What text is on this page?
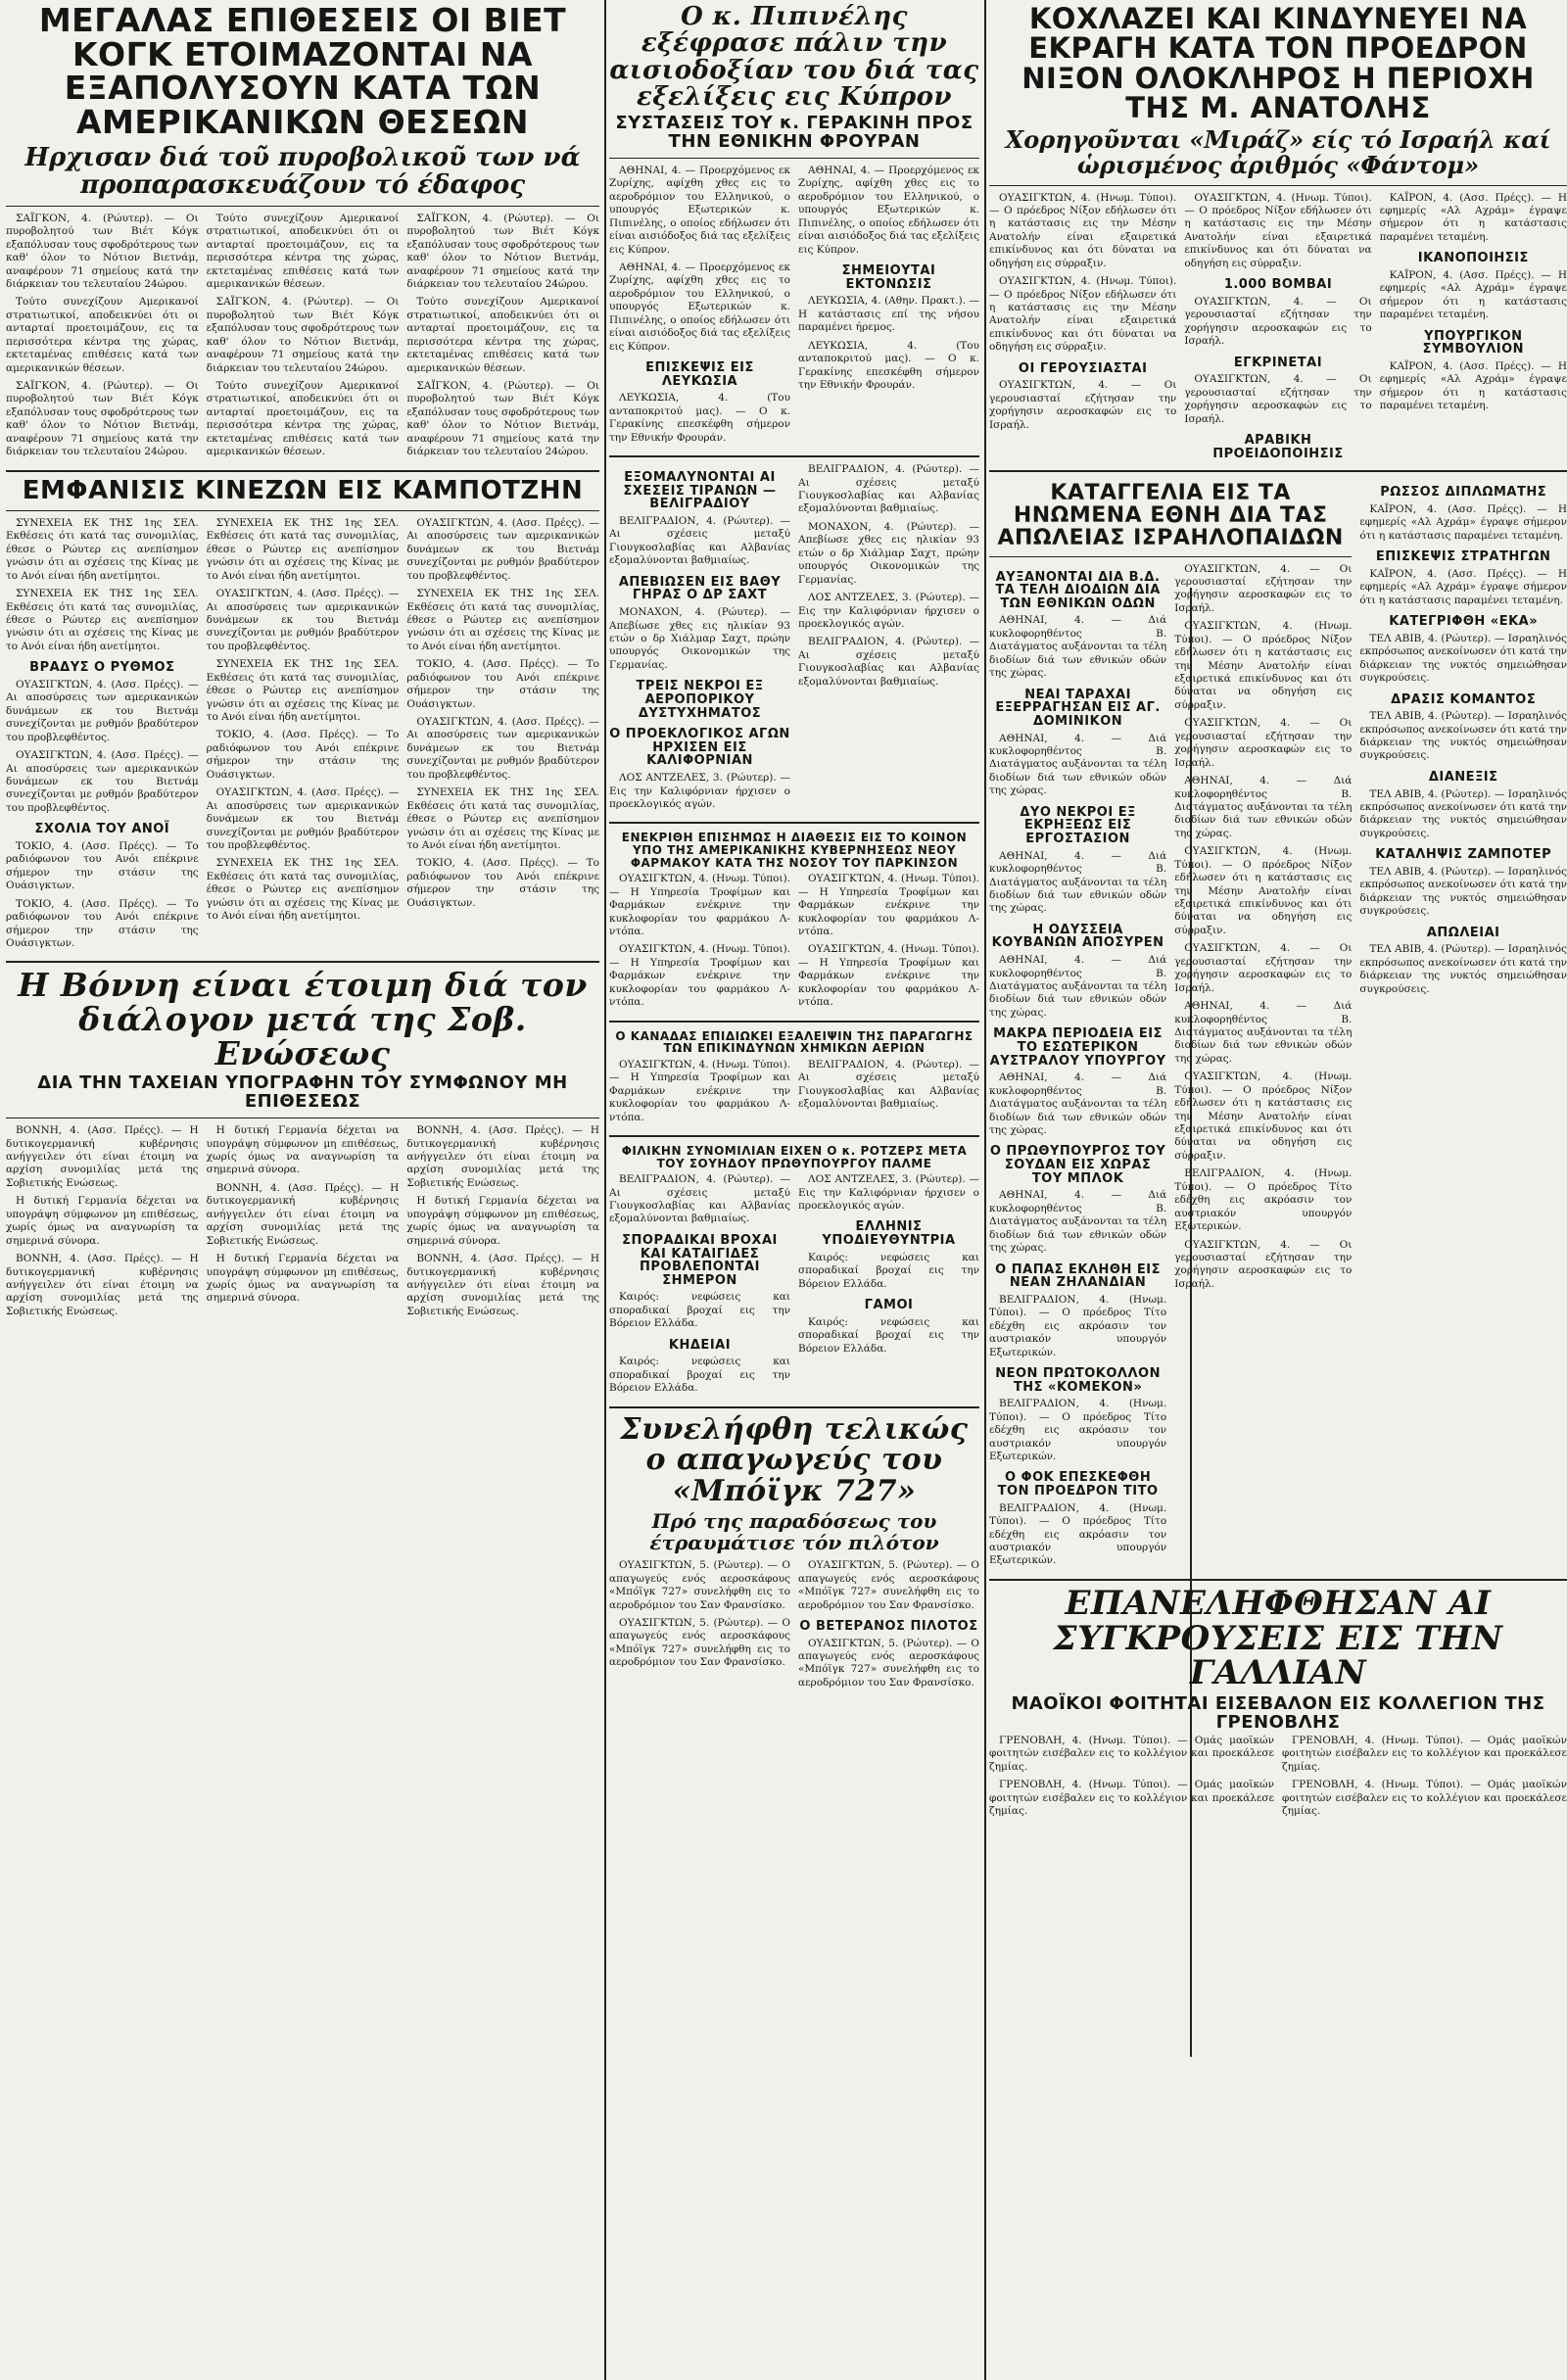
ΜΕΓΑΛΑΣ ΕΠΙΘΕΣΕΙΣ ΟΙ ΒΙΕΤ ΚΟΓΚ ΕΤΟΙΜΑΖΟΝΤΑΙ ΝΑ ΕΞΑΠΟΛΥΣΟΥΝ ΚΑΤΑ ΤΩΝ ΑΜΕΡΙΚΑΝΙΚΩΝ ΘΕΣΕΩΝ
Ηρχισαν διά τοῦ πυροβολικοῦ των νά προπαρασκευάζουν τό έδαφος

ΣΑΪΓΚΟΝ, 4. (Ρώυτερ). — Οι πυροβολητού των Βιέτ Κόγκ εξαπόλυσαν τους σφοδρότερους των καθ' όλον το Νότιον Βιετνάμ, αναφέρουν 71 σημείους κατά την διάρκειαν του τελευταίου 24ώρου.

Τούτο συνεχίζουν Αμερικανοί στρατιωτικοί, αποδεικνύει ότι οι ανταρταί προετοιμάζουν, εις τα περισσότερα κέντρα της χώρας, εκτεταμένας επιθέσεις κατά των αμερικανικών θέσεων.

ΣΑΪΓΚΟΝ, 4. (Ρώυτερ). — Οι πυροβολητού των Βιέτ Κόγκ εξαπόλυσαν τους σφοδρότερους των καθ' όλον το Νότιον Βιετνάμ, αναφέρουν 71 σημείους κατά την διάρκειαν του τελευταίου 24ώρου.

Τούτο συνεχίζουν Αμερικανοί στρατιωτικοί, αποδεικνύει ότι οι ανταρταί προετοιμάζουν, εις τα περισσότερα κέντρα της χώρας, εκτεταμένας επιθέσεις κατά των αμερικανικών θέσεων.

ΣΑΪΓΚΟΝ, 4. (Ρώυτερ). — Οι πυροβολητού των Βιέτ Κόγκ εξαπόλυσαν τους σφοδρότερους των καθ' όλον το Νότιον Βιετνάμ, αναφέρουν 71 σημείους κατά την διάρκειαν του τελευταίου 24ώρου.

Τούτο συνεχίζουν Αμερικανοί στρατιωτικοί, αποδεικνύει ότι οι ανταρταί προετοιμάζουν, εις τα περισσότερα κέντρα της χώρας, εκτεταμένας επιθέσεις κατά των αμερικανικών θέσεων.

ΣΑΪΓΚΟΝ, 4. (Ρώυτερ). — Οι πυροβολητού των Βιέτ Κόγκ εξαπόλυσαν τους σφοδρότερους των καθ' όλον το Νότιον Βιετνάμ, αναφέρουν 71 σημείους κατά την διάρκειαν του τελευταίου 24ώρου.

Τούτο συνεχίζουν Αμερικανοί στρατιωτικοί, αποδεικνύει ότι οι ανταρταί προετοιμάζουν, εις τα περισσότερα κέντρα της χώρας, εκτεταμένας επιθέσεις κατά των αμερικανικών θέσεων.

ΣΑΪΓΚΟΝ, 4. (Ρώυτερ). — Οι πυροβολητού των Βιέτ Κόγκ εξαπόλυσαν τους σφοδρότερους των καθ' όλον το Νότιον Βιετνάμ, αναφέρουν 71 σημείους κατά την διάρκειαν του τελευταίου 24ώρου.

ΕΜΦΑΝΙΣΙΣ ΚΙΝΕΖΩΝ ΕΙΣ ΚΑΜΠΟΤΖΗΝ

ΣΥΝΕΧΕΙΑ ΕΚ ΤΗΣ 1ης ΣΕΛ. Εκθέσεις ότι κατά τας συνομιλίας, έθεσε ο Ρώυτερ εις ανεπίσημον γνώσιν ότι αι σχέσεις της Κίνας με το Ανόι είναι ήδη ανετίμητοι.

ΣΥΝΕΧΕΙΑ ΕΚ ΤΗΣ 1ης ΣΕΛ. Εκθέσεις ότι κατά τας συνομιλίας, έθεσε ο Ρώυτερ εις ανεπίσημον γνώσιν ότι αι σχέσεις της Κίνας με το Ανόι είναι ήδη ανετίμητοι.

ΒΡΑΔΥΣ Ο ΡΥΘΜΟΣ

ΟΥΑΣΙΓΚΤΩΝ, 4. (Ασσ. Πρέςς). — Αι αποσύρσεις των αμερικανικών δυνάμεων εκ του Βιετνάμ συνεχίζονται με ρυθμόν βραδύτερον του προβλεφθέντος.

ΟΥΑΣΙΓΚΤΩΝ, 4. (Ασσ. Πρέςς). — Αι αποσύρσεις των αμερικανικών δυνάμεων εκ του Βιετνάμ συνεχίζονται με ρυθμόν βραδύτερον του προβλεφθέντος.

ΣΧΟΛΙΑ ΤΟΥ ΑΝΟΪ

ΤΟΚΙΟ, 4. (Ασσ. Πρέςς). — Το ραδιόφωνον του Ανόι επέκρινε σήμερον την στάσιν της Ουάσιγκτων.

ΤΟΚΙΟ, 4. (Ασσ. Πρέςς). — Το ραδιόφωνον του Ανόι επέκρινε σήμερον την στάσιν της Ουάσιγκτων.

ΣΥΝΕΧΕΙΑ ΕΚ ΤΗΣ 1ης ΣΕΛ. Εκθέσεις ότι κατά τας συνομιλίας, έθεσε ο Ρώυτερ εις ανεπίσημον γνώσιν ότι αι σχέσεις της Κίνας με το Ανόι είναι ήδη ανετίμητοι.

ΟΥΑΣΙΓΚΤΩΝ, 4. (Ασσ. Πρέςς). — Αι αποσύρσεις των αμερικανικών δυνάμεων εκ του Βιετνάμ συνεχίζονται με ρυθμόν βραδύτερον του προβλεφθέντος.

ΣΥΝΕΧΕΙΑ ΕΚ ΤΗΣ 1ης ΣΕΛ. Εκθέσεις ότι κατά τας συνομιλίας, έθεσε ο Ρώυτερ εις ανεπίσημον γνώσιν ότι αι σχέσεις της Κίνας με το Ανόι είναι ήδη ανετίμητοι.

ΤΟΚΙΟ, 4. (Ασσ. Πρέςς). — Το ραδιόφωνον του Ανόι επέκρινε σήμερον την στάσιν της Ουάσιγκτων.

ΟΥΑΣΙΓΚΤΩΝ, 4. (Ασσ. Πρέςς). — Αι αποσύρσεις των αμερικανικών δυνάμεων εκ του Βιετνάμ συνεχίζονται με ρυθμόν βραδύτερον του προβλεφθέντος.

ΣΥΝΕΧΕΙΑ ΕΚ ΤΗΣ 1ης ΣΕΛ. Εκθέσεις ότι κατά τας συνομιλίας, έθεσε ο Ρώυτερ εις ανεπίσημον γνώσιν ότι αι σχέσεις της Κίνας με το Ανόι είναι ήδη ανετίμητοι.

ΟΥΑΣΙΓΚΤΩΝ, 4. (Ασσ. Πρέςς). — Αι αποσύρσεις των αμερικανικών δυνάμεων εκ του Βιετνάμ συνεχίζονται με ρυθμόν βραδύτερον του προβλεφθέντος.

ΣΥΝΕΧΕΙΑ ΕΚ ΤΗΣ 1ης ΣΕΛ. Εκθέσεις ότι κατά τας συνομιλίας, έθεσε ο Ρώυτερ εις ανεπίσημον γνώσιν ότι αι σχέσεις της Κίνας με το Ανόι είναι ήδη ανετίμητοι.

ΤΟΚΙΟ, 4. (Ασσ. Πρέςς). — Το ραδιόφωνον του Ανόι επέκρινε σήμερον την στάσιν της Ουάσιγκτων.

ΟΥΑΣΙΓΚΤΩΝ, 4. (Ασσ. Πρέςς). — Αι αποσύρσεις των αμερικανικών δυνάμεων εκ του Βιετνάμ συνεχίζονται με ρυθμόν βραδύτερον του προβλεφθέντος.

ΣΥΝΕΧΕΙΑ ΕΚ ΤΗΣ 1ης ΣΕΛ. Εκθέσεις ότι κατά τας συνομιλίας, έθεσε ο Ρώυτερ εις ανεπίσημον γνώσιν ότι αι σχέσεις της Κίνας με το Ανόι είναι ήδη ανετίμητοι.

ΤΟΚΙΟ, 4. (Ασσ. Πρέςς). — Το ραδιόφωνον του Ανόι επέκρινε σήμερον την στάσιν της Ουάσιγκτων.

Η Βόννη είναι έτοιμη διά τον διάλογον μετά της Σοβ. Ενώσεως
ΔΙΑ ΤΗΝ ΤΑΧΕΙΑΝ ΥΠΟΓΡΑΦΗΝ ΤΟΥ ΣΥΜΦΩΝΟΥ ΜΗ ΕΠΙΘΕΣΕΩΣ

ΒΟΝΝΗ, 4. (Ασσ. Πρέςς). — Η δυτικογερμανική κυβέρνησις ανήγγειλεν ότι είναι έτοιμη να αρχίση συνομιλίας μετά της Σοβιετικής Ενώσεως.

Η δυτική Γερμανία δέχεται να υπογράψη σύμφωνον μη επιθέσεως, χωρίς όμως να αναγνωρίση τα σημερινά σύνορα.

ΒΟΝΝΗ, 4. (Ασσ. Πρέςς). — Η δυτικογερμανική κυβέρνησις ανήγγειλεν ότι είναι έτοιμη να αρχίση συνομιλίας μετά της Σοβιετικής Ενώσεως.

Η δυτική Γερμανία δέχεται να υπογράψη σύμφωνον μη επιθέσεως, χωρίς όμως να αναγνωρίση τα σημερινά σύνορα.

ΒΟΝΝΗ, 4. (Ασσ. Πρέςς). — Η δυτικογερμανική κυβέρνησις ανήγγειλεν ότι είναι έτοιμη να αρχίση συνομιλίας μετά της Σοβιετικής Ενώσεως.

Η δυτική Γερμανία δέχεται να υπογράψη σύμφωνον μη επιθέσεως, χωρίς όμως να αναγνωρίση τα σημερινά σύνορα.

ΒΟΝΝΗ, 4. (Ασσ. Πρέςς). — Η δυτικογερμανική κυβέρνησις ανήγγειλεν ότι είναι έτοιμη να αρχίση συνομιλίας μετά της Σοβιετικής Ενώσεως.

Η δυτική Γερμανία δέχεται να υπογράψη σύμφωνον μη επιθέσεως, χωρίς όμως να αναγνωρίση τα σημερινά σύνορα.

ΒΟΝΝΗ, 4. (Ασσ. Πρέςς). — Η δυτικογερμανική κυβέρνησις ανήγγειλεν ότι είναι έτοιμη να αρχίση συνομιλίας μετά της Σοβιετικής Ενώσεως.

Ο κ. Πιπινέλης εξέφρασε πάλιν την αισιοδοξίαν του διά τας εξελίξεις εις Κύπρον
ΣΥΣΤΑΣΕΙΣ ΤΟΥ κ. ΓΕΡΑΚΙΝΗ ΠΡΟΣ ΤΗΝ ΕΘΝΙΚΗΝ ΦΡΟΥΡΑΝ

ΑΘΗΝΑΙ, 4. — Προερχόμενος εκ Ζυρίχης, αφίχθη χθες εις το αεροδρόμιον του Ελληνικού, ο υπουργός Εξωτερικών κ. Πιπινέλης, ο οποίος εδήλωσεν ότι είναι αισιόδοξος διά τας εξελίξεις εις Κύπρον.

ΑΘΗΝΑΙ, 4. — Προερχόμενος εκ Ζυρίχης, αφίχθη χθες εις το αεροδρόμιον του Ελληνικού, ο υπουργός Εξωτερικών κ. Πιπινέλης, ο οποίος εδήλωσεν ότι είναι αισιόδοξος διά τας εξελίξεις εις Κύπρον.

ΕΠΙΣΚΕΨΙΣ ΕΙΣ ΛΕΥΚΩΣΙΑ

ΛΕΥΚΩΣΙΑ, 4. (Του ανταποκριτού μας). — Ο κ. Γερακίνης επεσκέφθη σήμερον την Εθνικήν Φρουράν.

ΑΘΗΝΑΙ, 4. — Προερχόμενος εκ Ζυρίχης, αφίχθη χθες εις το αεροδρόμιον του Ελληνικού, ο υπουργός Εξωτερικών κ. Πιπινέλης, ο οποίος εδήλωσεν ότι είναι αισιόδοξος διά τας εξελίξεις εις Κύπρον.

ΣΗΜΕΙΟΥΤΑΙ ΕΚΤΟΝΩΣΙΣ

ΛΕΥΚΩΣΙΑ, 4. (Αθην. Πρακτ.). — Η κατάστασις επί της νήσου παραμένει ήρεμος.

ΛΕΥΚΩΣΙΑ, 4. (Του ανταποκριτού μας). — Ο κ. Γερακίνης επεσκέφθη σήμερον την Εθνικήν Φρουράν.

ΕΞΟΜΑΛΥΝΟΝΤΑΙ ΑΙ ΣΧΕΣΕΙΣ ΤΙΡΑΝΩΝ — ΒΕΛΙΓΡΑΔΙΟΥ

ΒΕΛΙΓΡΑΔΙΟΝ, 4. (Ρώυτερ). — Αι σχέσεις μεταξύ Γιουγκοσλαβίας και Αλβανίας εξομαλύνονται βαθμιαίως.

ΑΠΕΒΙΩΣΕΝ ΕΙΣ ΒΑΘΥ ΓΗΡΑΣ Ο ΔΡ ΣΑΧΤ

ΜΟΝΑΧΟΝ, 4. (Ρώυτερ). — Απεβίωσε χθες εις ηλικίαν 93 ετών ο δρ Χιάλμαρ Σαχτ, πρώην υπουργός Οικονομικών της Γερμανίας.

ΤΡΕΙΣ ΝΕΚΡΟΙ ΕΞ ΑΕΡΟΠΟΡΙΚΟΥ ΔΥΣΤΥΧΗΜΑΤΟΣ
Ο ΠΡΟΕΚΛΟΓΙΚΟΣ ΑΓΩΝ ΗΡΧΙΣΕΝ ΕΙΣ ΚΑΛΙΦΟΡΝΙΑΝ

ΛΟΣ ΑΝΤΖΕΛΕΣ, 3. (Ρώυτερ). — Εις την Καλιφόρνιαν ήρχισεν ο προεκλογικός αγών.

ΒΕΛΙΓΡΑΔΙΟΝ, 4. (Ρώυτερ). — Αι σχέσεις μεταξύ Γιουγκοσλαβίας και Αλβανίας εξομαλύνονται βαθμιαίως.

ΜΟΝΑΧΟΝ, 4. (Ρώυτερ). — Απεβίωσε χθες εις ηλικίαν 93 ετών ο δρ Χιάλμαρ Σαχτ, πρώην υπουργός Οικονομικών της Γερμανίας.

ΛΟΣ ΑΝΤΖΕΛΕΣ, 3. (Ρώυτερ). — Εις την Καλιφόρνιαν ήρχισεν ο προεκλογικός αγών.

ΒΕΛΙΓΡΑΔΙΟΝ, 4. (Ρώυτερ). — Αι σχέσεις μεταξύ Γιουγκοσλαβίας και Αλβανίας εξομαλύνονται βαθμιαίως.

ΕΝΕΚΡΙΘΗ ΕΠΙΣΗΜΩΣ Η ΔΙΑΘΕΣΙΣ ΕΙΣ ΤΟ ΚΟΙΝΟΝ ΥΠΟ ΤΗΣ ΑΜΕΡΙΚΑΝΙΚΗΣ ΚΥΒΕΡΝΗΣΕΩΣ ΝΕΟΥ ΦΑΡΜΑΚΟΥ ΚΑΤΑ ΤΗΣ ΝΟΣΟΥ ΤΟΥ ΠΑΡΚΙΝΣΟΝ

ΟΥΑΣΙΓΚΤΩΝ, 4. (Ηνωμ. Τύποι). — Η Υπηρεσία Τροφίμων και Φαρμάκων ενέκρινε την κυκλοφορίαν του φαρμάκου Λ-ντόπα.

ΟΥΑΣΙΓΚΤΩΝ, 4. (Ηνωμ. Τύποι). — Η Υπηρεσία Τροφίμων και Φαρμάκων ενέκρινε την κυκλοφορίαν του φαρμάκου Λ-ντόπα.

ΟΥΑΣΙΓΚΤΩΝ, 4. (Ηνωμ. Τύποι). — Η Υπηρεσία Τροφίμων και Φαρμάκων ενέκρινε την κυκλοφορίαν του φαρμάκου Λ-ντόπα.

ΟΥΑΣΙΓΚΤΩΝ, 4. (Ηνωμ. Τύποι). — Η Υπηρεσία Τροφίμων και Φαρμάκων ενέκρινε την κυκλοφορίαν του φαρμάκου Λ-ντόπα.

Ο ΚΑΝΑΔΑΣ ΕΠΙΔΙΩΚΕΙ ΕΞΑΛΕΙΨΙΝ ΤΗΣ ΠΑΡΑΓΩΓΗΣ ΤΩΝ ΕΠΙΚΙΝΔΥΝΩΝ ΧΗΜΙΚΩΝ ΑΕΡΙΩΝ

ΟΥΑΣΙΓΚΤΩΝ, 4. (Ηνωμ. Τύποι). — Η Υπηρεσία Τροφίμων και Φαρμάκων ενέκρινε την κυκλοφορίαν του φαρμάκου Λ-ντόπα.

ΒΕΛΙΓΡΑΔΙΟΝ, 4. (Ρώυτερ). — Αι σχέσεις μεταξύ Γιουγκοσλαβίας και Αλβανίας εξομαλύνονται βαθμιαίως.

ΦΙΛΙΚΗΝ ΣΥΝΟΜΙΛΙΑΝ ΕΙΧΕΝ Ο κ. ΡΟΤΖΕΡΣ ΜΕΤΑ ΤΟΥ ΣΟΥΗΔΟΥ ΠΡΩΘΥΠΟΥΡΓΟΥ ΠΑΛΜΕ

ΒΕΛΙΓΡΑΔΙΟΝ, 4. (Ρώυτερ). — Αι σχέσεις μεταξύ Γιουγκοσλαβίας και Αλβανίας εξομαλύνονται βαθμιαίως.

ΣΠΟΡΑΔΙΚΑΙ ΒΡΟΧΑΙ ΚΑΙ ΚΑΤΑΙΓΙΔΕΣ ΠΡΟΒΛΕΠΟΝΤΑΙ ΣΗΜΕΡΟΝ

Καιρός: νεφώσεις και σποραδικαί βροχαί εις την Βόρειον Ελλάδα.

ΚΗΔΕΙΑΙ

Καιρός: νεφώσεις και σποραδικαί βροχαί εις την Βόρειον Ελλάδα.

ΛΟΣ ΑΝΤΖΕΛΕΣ, 3. (Ρώυτερ). — Εις την Καλιφόρνιαν ήρχισεν ο προεκλογικός αγών.

ΕΛΛΗΝΙΣ ΥΠΟΔΙΕΥΘΥΝΤΡΙΑ

Καιρός: νεφώσεις και σποραδικαί βροχαί εις την Βόρειον Ελλάδα.

ΓΑΜΟΙ

Καιρός: νεφώσεις και σποραδικαί βροχαί εις την Βόρειον Ελλάδα.

Συνελήφθη τελικώς ο απαγωγεύς του «Μπόϊγκ 727»
Πρό της παραδόσεως του έτραυμάτισε τόν πιλότον

ΟΥΑΣΙΓΚΤΩΝ, 5. (Ρώυτερ). — Ο απαγωγεύς ενός αεροσκάφους «Μπόϊγκ 727» συνελήφθη εις το αεροδρόμιον του Σαν Φρανσίσκο.

ΟΥΑΣΙΓΚΤΩΝ, 5. (Ρώυτερ). — Ο απαγωγεύς ενός αεροσκάφους «Μπόϊγκ 727» συνελήφθη εις το αεροδρόμιον του Σαν Φρανσίσκο.

ΟΥΑΣΙΓΚΤΩΝ, 5. (Ρώυτερ). — Ο απαγωγεύς ενός αεροσκάφους «Μπόϊγκ 727» συνελήφθη εις το αεροδρόμιον του Σαν Φρανσίσκο.

Ο ΒΕΤΕΡΑΝΟΣ ΠΙΛΟΤΟΣ

ΟΥΑΣΙΓΚΤΩΝ, 5. (Ρώυτερ). — Ο απαγωγεύς ενός αεροσκάφους «Μπόϊγκ 727» συνελήφθη εις το αεροδρόμιον του Σαν Φρανσίσκο.

ΚΟΧΛΑΖΕΙ ΚΑΙ ΚΙΝΔΥΝΕΥΕΙ ΝΑ ΕΚΡΑΓΗ ΚΑΤΑ ΤΟΝ ΠΡΟΕΔΡΟΝ ΝΙΞΟΝ ΟΛΟΚΛΗΡΟΣ Η ΠΕΡΙΟΧΗ ΤΗΣ Μ. ΑΝΑΤΟΛΗΣ
Χορηγοῦνται «Μιράζ» είς τό Ισραήλ καί ὡρισμένος ἀριθμός «Φάντομ»

ΟΥΑΣΙΓΚΤΩΝ, 4. (Ηνωμ. Τύποι). — Ο πρόεδρος Νίξον εδήλωσεν ότι η κατάστασις εις την Μέσην Ανατολήν είναι εξαιρετικά επικίνδυνος και ότι δύναται να οδηγήση εις σύρραξιν.

ΟΥΑΣΙΓΚΤΩΝ, 4. (Ηνωμ. Τύποι). — Ο πρόεδρος Νίξον εδήλωσεν ότι η κατάστασις εις την Μέσην Ανατολήν είναι εξαιρετικά επικίνδυνος και ότι δύναται να οδηγήση εις σύρραξιν.

ΟΙ ΓΕΡΟΥΣΙΑΣΤΑΙ

ΟΥΑΣΙΓΚΤΩΝ, 4. — Οι γερουσιασταί εζήτησαν την χορήγησιν αεροσκαφών εις το Ισραήλ.

ΟΥΑΣΙΓΚΤΩΝ, 4. (Ηνωμ. Τύποι). — Ο πρόεδρος Νίξον εδήλωσεν ότι η κατάστασις εις την Μέσην Ανατολήν είναι εξαιρετικά επικίνδυνος και ότι δύναται να οδηγήση εις σύρραξιν.

1.000 ΒΟΜΒΑΙ

ΟΥΑΣΙΓΚΤΩΝ, 4. — Οι γερουσιασταί εζήτησαν την χορήγησιν αεροσκαφών εις το Ισραήλ.

ΕΓΚΡΙΝΕΤΑΙ

ΟΥΑΣΙΓΚΤΩΝ, 4. — Οι γερουσιασταί εζήτησαν την χορήγησιν αεροσκαφών εις το Ισραήλ.

ΑΡΑΒΙΚΗ ΠΡΟΕΙΔΟΠΟΙΗΣΙΣ

ΚΑΪΡΟΝ, 4. (Ασσ. Πρέςς). — Η εφημερίς «Αλ Αχράμ» έγραψε σήμερον ότι η κατάστασις παραμένει τεταμένη.

ΙΚΑΝΟΠΟΙΗΣΙΣ

ΚΑΪΡΟΝ, 4. (Ασσ. Πρέςς). — Η εφημερίς «Αλ Αχράμ» έγραψε σήμερον ότι η κατάστασις παραμένει τεταμένη.

ΥΠΟΥΡΓΙΚΟΝ ΣΥΜΒΟΥΛΙΟΝ

ΚΑΪΡΟΝ, 4. (Ασσ. Πρέςς). — Η εφημερίς «Αλ Αχράμ» έγραψε σήμερον ότι η κατάστασις παραμένει τεταμένη.

ΚΑΤΑΓΓΕΛΙΑ ΕΙΣ ΤΑ ΗΝΩΜΕΝΑ ΕΘΝΗ ΔΙΑ ΤΑΣ ΑΠΩΛΕΙΑΣ ΙΣΡΑΗΛΟΠΑΙΔΩΝ
ΑΥΞΑΝΟΝΤΑΙ ΔΙΑ Β.Δ. ΤΑ ΤΕΛΗ ΔΙΟΔΙΩΝ ΔΙΑ ΤΩΝ ΕΘΝΙΚΩΝ ΟΔΩΝ

ΑΘΗΝΑΙ, 4. — Διά κυκλοφορηθέντος Β. Διατάγματος αυξάνονται τα τέλη διοδίων διά των εθνικών οδών της χώρας.

ΝΕΑΙ ΤΑΡΑΧΑΙ ΕΞΕΡΡΑΓΗΣΑΝ ΕΙΣ ΑΓ. ΔΟΜΙΝΙΚΟΝ

ΑΘΗΝΑΙ, 4. — Διά κυκλοφορηθέντος Β. Διατάγματος αυξάνονται τα τέλη διοδίων διά των εθνικών οδών της χώρας.

ΔΥΟ ΝΕΚΡΟΙ ΕΞ ΕΚΡΗΞΕΩΣ ΕΙΣ ΕΡΓΟΣΤΑΣΙΟΝ

ΑΘΗΝΑΙ, 4. — Διά κυκλοφορηθέντος Β. Διατάγματος αυξάνονται τα τέλη διοδίων διά των εθνικών οδών της χώρας.

Η ΟΔΥΣΣΕΙΑ ΚΟΥΒΑΝΩΝ ΑΠΟΣΥΡΕΝ

ΑΘΗΝΑΙ, 4. — Διά κυκλοφορηθέντος Β. Διατάγματος αυξάνονται τα τέλη διοδίων διά των εθνικών οδών της χώρας.

ΜΑΚΡΑ ΠΕΡΙΟΔΕΙΑ ΕΙΣ ΤΟ ΕΣΩΤΕΡΙΚΟΝ ΑΥΣΤΡΑΛΟΥ ΥΠΟΥΡΓΟΥ

ΑΘΗΝΑΙ, 4. — Διά κυκλοφορηθέντος Β. Διατάγματος αυξάνονται τα τέλη διοδίων διά των εθνικών οδών της χώρας.

Ο ΠΡΩΘΥΠΟΥΡΓΟΣ ΤΟΥ ΣΟΥΔΑΝ ΕΙΣ ΧΩΡΑΣ ΤΟΥ ΜΠΛΟΚ

ΑΘΗΝΑΙ, 4. — Διά κυκλοφορηθέντος Β. Διατάγματος αυξάνονται τα τέλη διοδίων διά των εθνικών οδών της χώρας.

Ο ΠΑΠΑΣ ΕΚΛΗΘΗ ΕΙΣ ΝΕΑΝ ΖΗΛΑΝΔΙΑΝ

ΒΕΛΙΓΡΑΔΙΟΝ, 4. (Ηνωμ. Τύποι). — Ο πρόεδρος Τίτο εδέχθη εις ακρόασιν τον αυστριακόν υπουργόν Εξωτερικών.

ΝΕΟΝ ΠΡΩΤΟΚΟΛΛΟΝ ΤΗΣ «ΚΟΜΕΚΟΝ»

ΒΕΛΙΓΡΑΔΙΟΝ, 4. (Ηνωμ. Τύποι). — Ο πρόεδρος Τίτο εδέχθη εις ακρόασιν τον αυστριακόν υπουργόν Εξωτερικών.

Ο ΦΟΚ ΕΠΕΣΚΕΦΘΗ ΤΟΝ ΠΡΟΕΔΡΟΝ ΤΙΤΟ

ΒΕΛΙΓΡΑΔΙΟΝ, 4. (Ηνωμ. Τύποι). — Ο πρόεδρος Τίτο εδέχθη εις ακρόασιν τον αυστριακόν υπουργόν Εξωτερικών.

ΟΥΑΣΙΓΚΤΩΝ, 4. — Οι γερουσιασταί εζήτησαν την χορήγησιν αεροσκαφών εις το Ισραήλ.

ΟΥΑΣΙΓΚΤΩΝ, 4. (Ηνωμ. Τύποι). — Ο πρόεδρος Νίξον εδήλωσεν ότι η κατάστασις εις την Μέσην Ανατολήν είναι εξαιρετικά επικίνδυνος και ότι δύναται να οδηγήση εις σύρραξιν.

ΟΥΑΣΙΓΚΤΩΝ, 4. — Οι γερουσιασταί εζήτησαν την χορήγησιν αεροσκαφών εις το Ισραήλ.

ΑΘΗΝΑΙ, 4. — Διά κυκλοφορηθέντος Β. Διατάγματος αυξάνονται τα τέλη διοδίων διά των εθνικών οδών της χώρας.

ΟΥΑΣΙΓΚΤΩΝ, 4. (Ηνωμ. Τύποι). — Ο πρόεδρος Νίξον εδήλωσεν ότι η κατάστασις εις την Μέσην Ανατολήν είναι εξαιρετικά επικίνδυνος και ότι δύναται να οδηγήση εις σύρραξιν.

ΟΥΑΣΙΓΚΤΩΝ, 4. — Οι γερουσιασταί εζήτησαν την χορήγησιν αεροσκαφών εις το Ισραήλ.

ΑΘΗΝΑΙ, 4. — Διά κυκλοφορηθέντος Β. Διατάγματος αυξάνονται τα τέλη διοδίων διά των εθνικών οδών της χώρας.

ΟΥΑΣΙΓΚΤΩΝ, 4. (Ηνωμ. Τύποι). — Ο πρόεδρος Νίξον εδήλωσεν ότι η κατάστασις εις την Μέσην Ανατολήν είναι εξαιρετικά επικίνδυνος και ότι δύναται να οδηγήση εις σύρραξιν.

ΒΕΛΙΓΡΑΔΙΟΝ, 4. (Ηνωμ. Τύποι). — Ο πρόεδρος Τίτο εδέχθη εις ακρόασιν τον αυστριακόν υπουργόν Εξωτερικών.

ΟΥΑΣΙΓΚΤΩΝ, 4. — Οι γερουσιασταί εζήτησαν την χορήγησιν αεροσκαφών εις το Ισραήλ.

ΡΩΣΣΟΣ ΔΙΠΛΩΜΑΤΗΣ

ΚΑΪΡΟΝ, 4. (Ασσ. Πρέςς). — Η εφημερίς «Αλ Αχράμ» έγραψε σήμερον ότι η κατάστασις παραμένει τεταμένη.

ΕΠΙΣΚΕΨΙΣ ΣΤΡΑΤΗΓΩΝ

ΚΑΪΡΟΝ, 4. (Ασσ. Πρέςς). — Η εφημερίς «Αλ Αχράμ» έγραψε σήμερον ότι η κατάστασις παραμένει τεταμένη.

ΚΑΤΕΓΡΙΦΘΗ «ΕΚΑ»

ΤΕΛ ΑΒΙΒ, 4. (Ρώυτερ). — Ισραηλινός εκπρόσωπος ανεκοίνωσεν ότι κατά την διάρκειαν της νυκτός σημειώθησαν συγκρούσεις.

ΔΡΑΣΙΣ ΚΟΜΑΝΤΟΣ

ΤΕΛ ΑΒΙΒ, 4. (Ρώυτερ). — Ισραηλινός εκπρόσωπος ανεκοίνωσεν ότι κατά την διάρκειαν της νυκτός σημειώθησαν συγκρούσεις.

ΔΙΑΝΕΞΙΣ

ΤΕΛ ΑΒΙΒ, 4. (Ρώυτερ). — Ισραηλινός εκπρόσωπος ανεκοίνωσεν ότι κατά την διάρκειαν της νυκτός σημειώθησαν συγκρούσεις.

ΚΑΤΑΛΗΨΙΣ ΖΑΜΠΟΤΕΡ

ΤΕΛ ΑΒΙΒ, 4. (Ρώυτερ). — Ισραηλινός εκπρόσωπος ανεκοίνωσεν ότι κατά την διάρκειαν της νυκτός σημειώθησαν συγκρούσεις.

ΑΠΩΛΕΙΑΙ

ΤΕΛ ΑΒΙΒ, 4. (Ρώυτερ). — Ισραηλινός εκπρόσωπος ανεκοίνωσεν ότι κατά την διάρκειαν της νυκτός σημειώθησαν συγκρούσεις.

ΕΠΑΝΕΛΗΦΘΗΣΑΝ ΑΙ ΣΥΓΚΡΟΥΣΕΙΣ ΕΙΣ ΤΗΝ ΓΑΛΛΙΑΝ
ΜΑΟΪΚΟΙ ΦΟΙΤΗΤΑΙ ΕΙΣΕΒΑΛΟΝ ΕΙΣ ΚΟΛΛΕΓΙΟΝ ΤΗΣ ΓΡΕΝΟΒΛΗΣ

ΓΡΕΝΟΒΛΗ, 4. (Ηνωμ. Τύποι). — Ομάς μαοϊκών φοιτητών εισέβαλεν εις το κολλέγιον και προεκάλεσε ζημίας.

ΓΡΕΝΟΒΛΗ, 4. (Ηνωμ. Τύποι). — Ομάς μαοϊκών φοιτητών εισέβαλεν εις το κολλέγιον και προεκάλεσε ζημίας.

ΓΡΕΝΟΒΛΗ, 4. (Ηνωμ. Τύποι). — Ομάς μαοϊκών φοιτητών εισέβαλεν εις το κολλέγιον και προεκάλεσε ζημίας.

ΓΡΕΝΟΒΛΗ, 4. (Ηνωμ. Τύποι). — Ομάς μαοϊκών φοιτητών εισέβαλεν εις το κολλέγιον και προεκάλεσε ζημίας.
